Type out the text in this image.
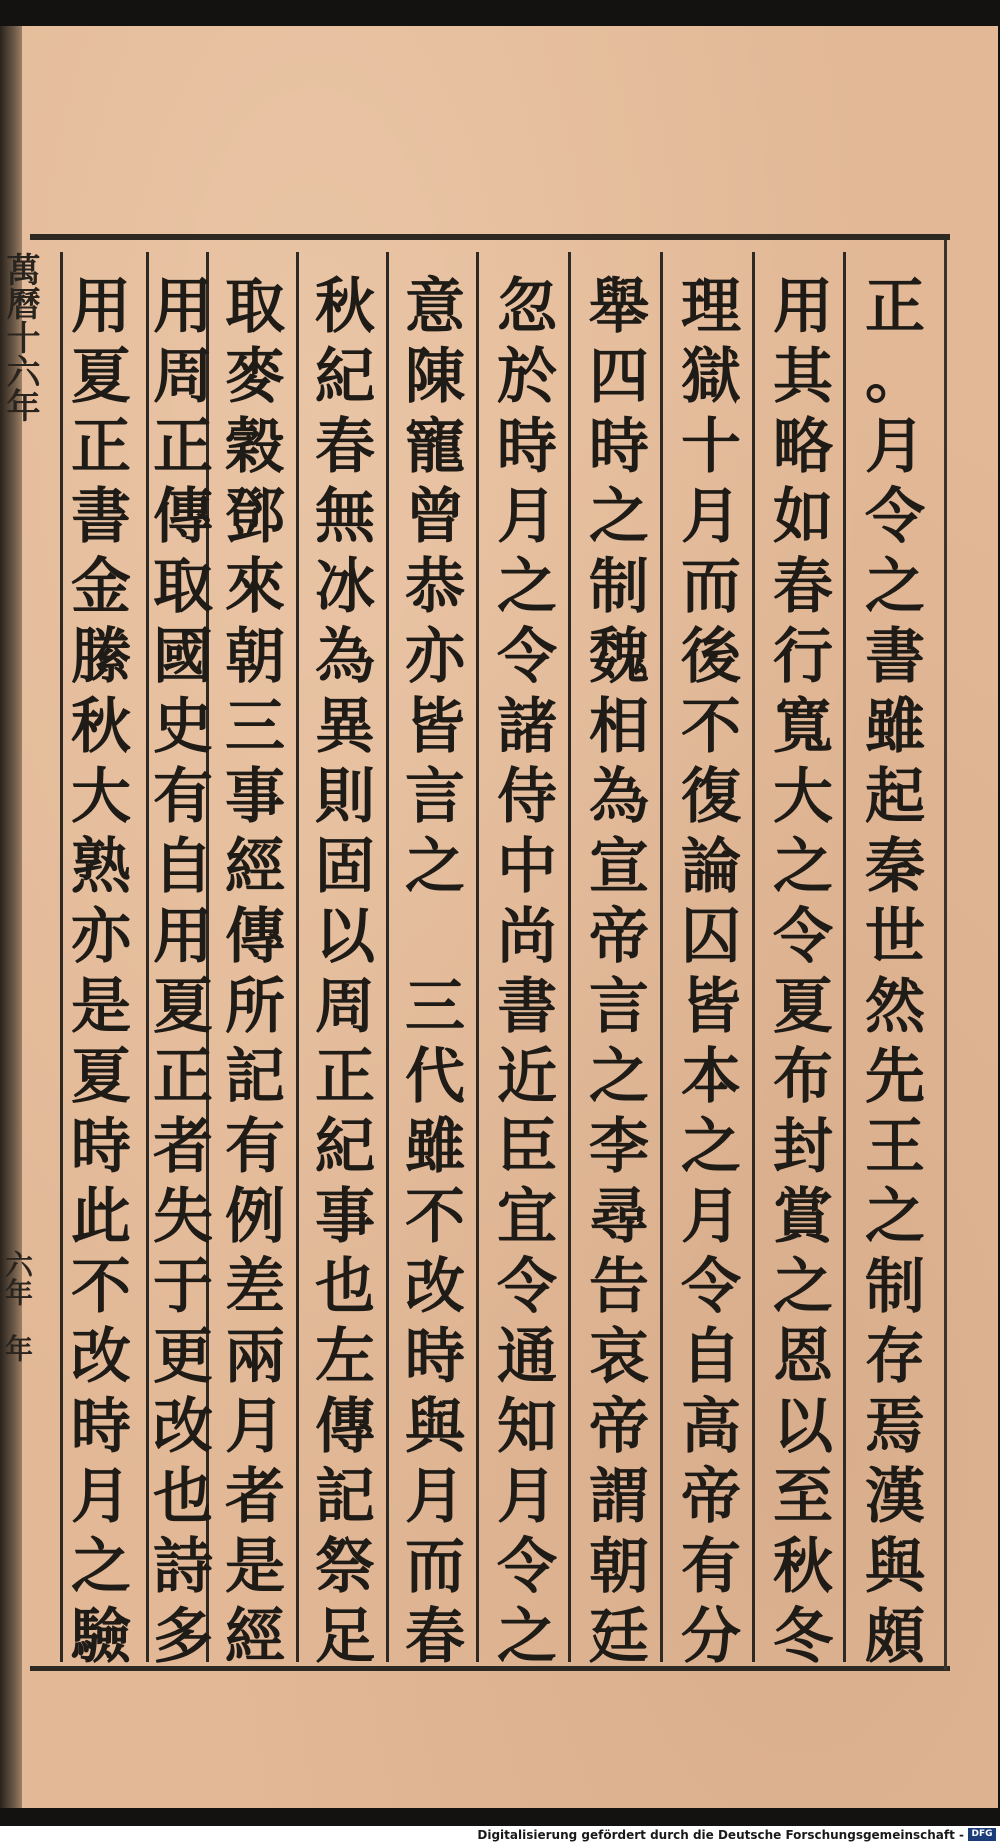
正
。
月
令
之
書
雖
起
秦
世
然
先
王
之
制
存
焉
漢
與
頗
用
其
略
如
春
行
寬
大
之
令
夏
布
封
賞
之
恩
以
至
秋
冬
理
獄
十
月
而
後
不
復
論
囚
皆
本
之
月
令
自
高
帝
有
分
舉
四
時
之
制
魏
相
為
宣
帝
言
之
李
尋
告
哀
帝
謂
朝
廷
忽
於
時
月
之
令
諸
侍
中
尚
書
近
臣
宜
令
通
知
月
令
之
意
陳
寵
曾
恭
亦
皆
言
之

三
代
雖
不
改
時
與
月
而
春
秋
紀
春
無
冰
為
異
則
固
以
周
正
紀
事
也
左
傳
記
祭
足
取
麥
穀
鄧
來
朝
三
事
經
傳
所
記
有
例
差
兩
月
者
是
經
用
周
正
傳
取
國
史
有
自
用
夏
正
者
失
于
更
改
也
詩
多
用
夏
正
書
金
縢
秋
大
熟
亦
是
夏
時
此
不
改
時
月
之
驗
萬曆十六年
六年　年
Digitalisierung gefördert durch die Deutsche Forschungsgemeinschaft - DFG
